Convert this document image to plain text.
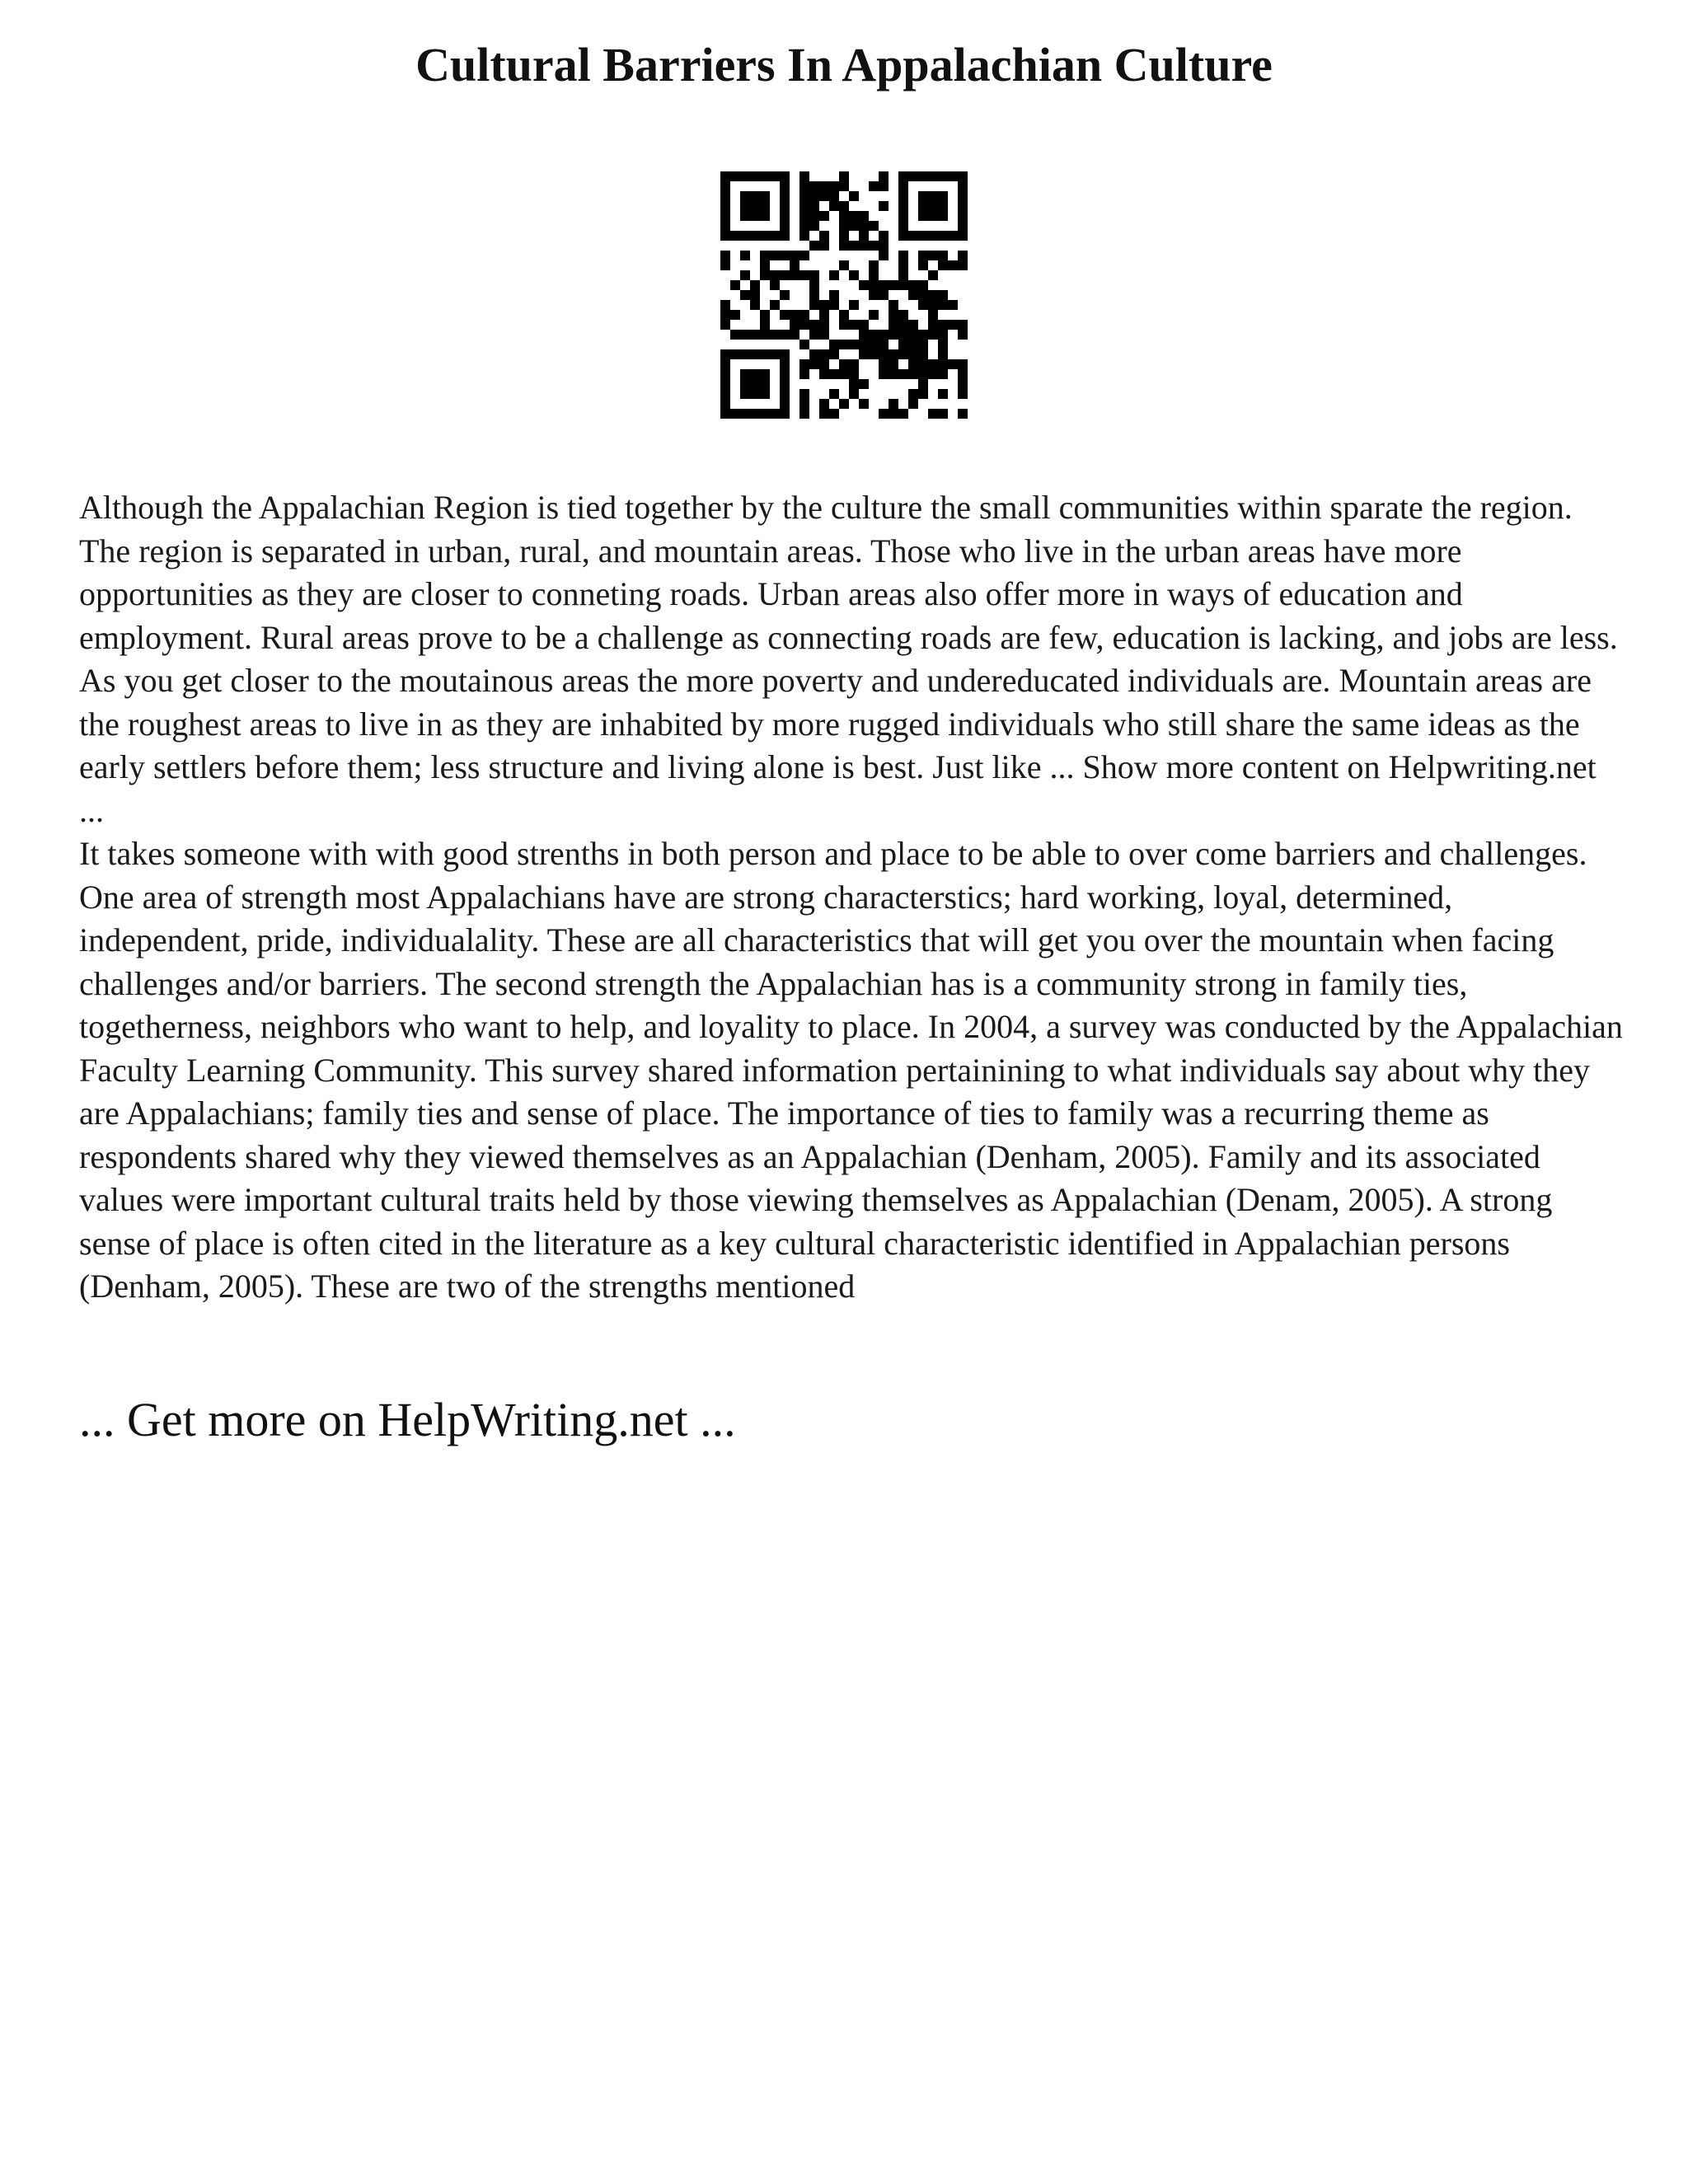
Cultural Barriers In Appalachian Culture

Although the Appalachian Region is tied together by the culture the small communities within sparate the region. The region is separated in urban, rural, and mountain areas. Those who live in the urban areas have more opportunities as they are closer to conneting roads. Urban areas also offer more in ways of education and employment. Rural areas prove to be a challenge as connecting roads are few, education is lacking, and jobs are less. As you get closer to the moutainous areas the more poverty and undereducated individuals are. Mountain areas are the roughest areas to live in as they are inhabited by more rugged individuals who still share the same ideas as the early settlers before them; less structure and living alone is best. Just like ... Show more content on Helpwriting.net ...

It takes someone with with good strenths in both person and place to be able to over come barriers and challenges. One area of strength most Appalachians have are strong characterstics; hard working, loyal, determined, independent, pride, individualality. These are all characteristics that will get you over the mountain when facing challenges and/or barriers. The second strength the Appalachian has is a community strong in family ties, togetherness, neighbors who want to help, and loyality to place. In 2004, a survey was conducted by the Appalachian Faculty Learning Community. This survey shared information pertainining to what individuals say about why they are Appalachians; family ties and sense of place. The importance of ties to family was a recurring theme as respondents shared why they viewed themselves as an Appalachian (Denham, 2005). Family and its associated values were important cultural traits held by those viewing themselves as Appalachian (Denam, 2005). A strong sense of place is often cited in the literature as a key cultural characteristic identified in Appalachian persons (Denham, 2005). These are two of the strengths mentioned

... Get more on HelpWriting.net ...
